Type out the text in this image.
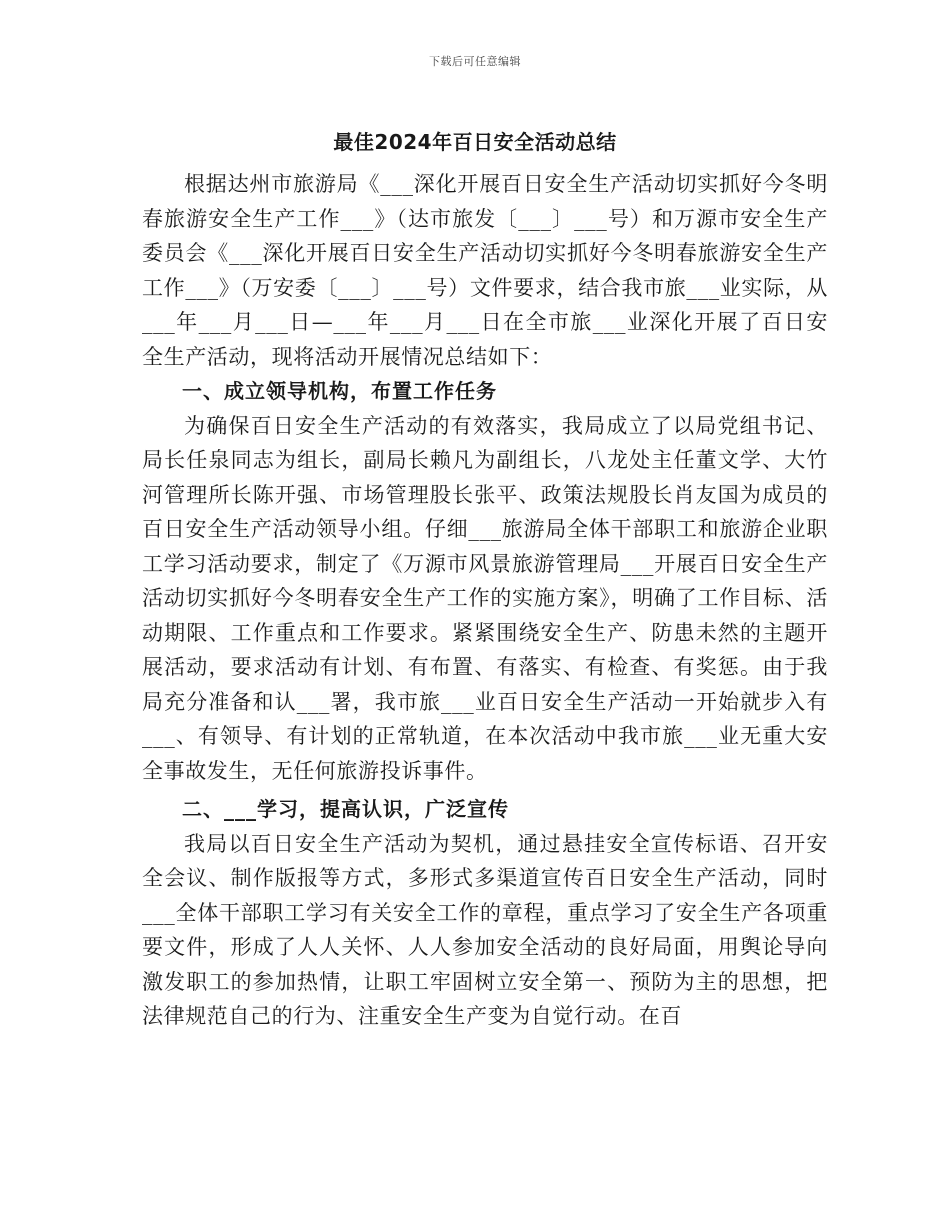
下载后可任意编辑
最佳2024年百日安全活动总结

根据达州市旅游局《___深化开展百日安全生产活动切实抓好今冬明春旅游安全生产工作___》（达市旅发〔___〕___号）和万源市安全生产委员会《___深化开展百日安全生产活动切实抓好今冬明春旅游安全生产工作___》（万安委〔___〕___号）文件要求，结合我市旅___业实际，从___年___月___日—___年___月___日在全市旅___业深化开展了百日安全生产活动，现将活动开展情况总结如下：

一、成立领导机构，布置工作任务

为确保百日安全生产活动的有效落实，我局成立了以局党组书记、局长任泉同志为组长，副局长赖凡为副组长，八龙处主任董文学、大竹河管理所长陈开强、市场管理股长张平、政策法规股长肖友国为成员的百日安全生产活动领导小组。仔细___旅游局全体干部职工和旅游企业职工学习活动要求，制定了《万源市风景旅游管理局___开展百日安全生产活动切实抓好今冬明春安全生产工作的实施方案》，明确了工作目标、活动期限、工作重点和工作要求。紧紧围绕安全生产、防患未然的主题开展活动，要求活动有计划、有布置、有落实、有检查、有奖惩。由于我局充分准备和认___署，我市旅___业百日安全生产活动一开始就步入有___、有领导、有计划的正常轨道，在本次活动中我市旅___业无重大安全事故发生，无任何旅游投诉事件。

二、___学习，提高认识，广泛宣传

我局以百日安全生产活动为契机，通过悬挂安全宣传标语、召开安全会议、制作版报等方式，多形式多渠道宣传百日安全生产活动，同时___全体干部职工学习有关安全工作的章程，重点学习了安全生产各项重要文件，形成了人人关怀、人人参加安全活动的良好局面，用舆论导向激发职工的参加热情，让职工牢固树立安全第一、预防为主的思想，把法律规范自己的行为、注重安全生产变为自觉行动。在百
